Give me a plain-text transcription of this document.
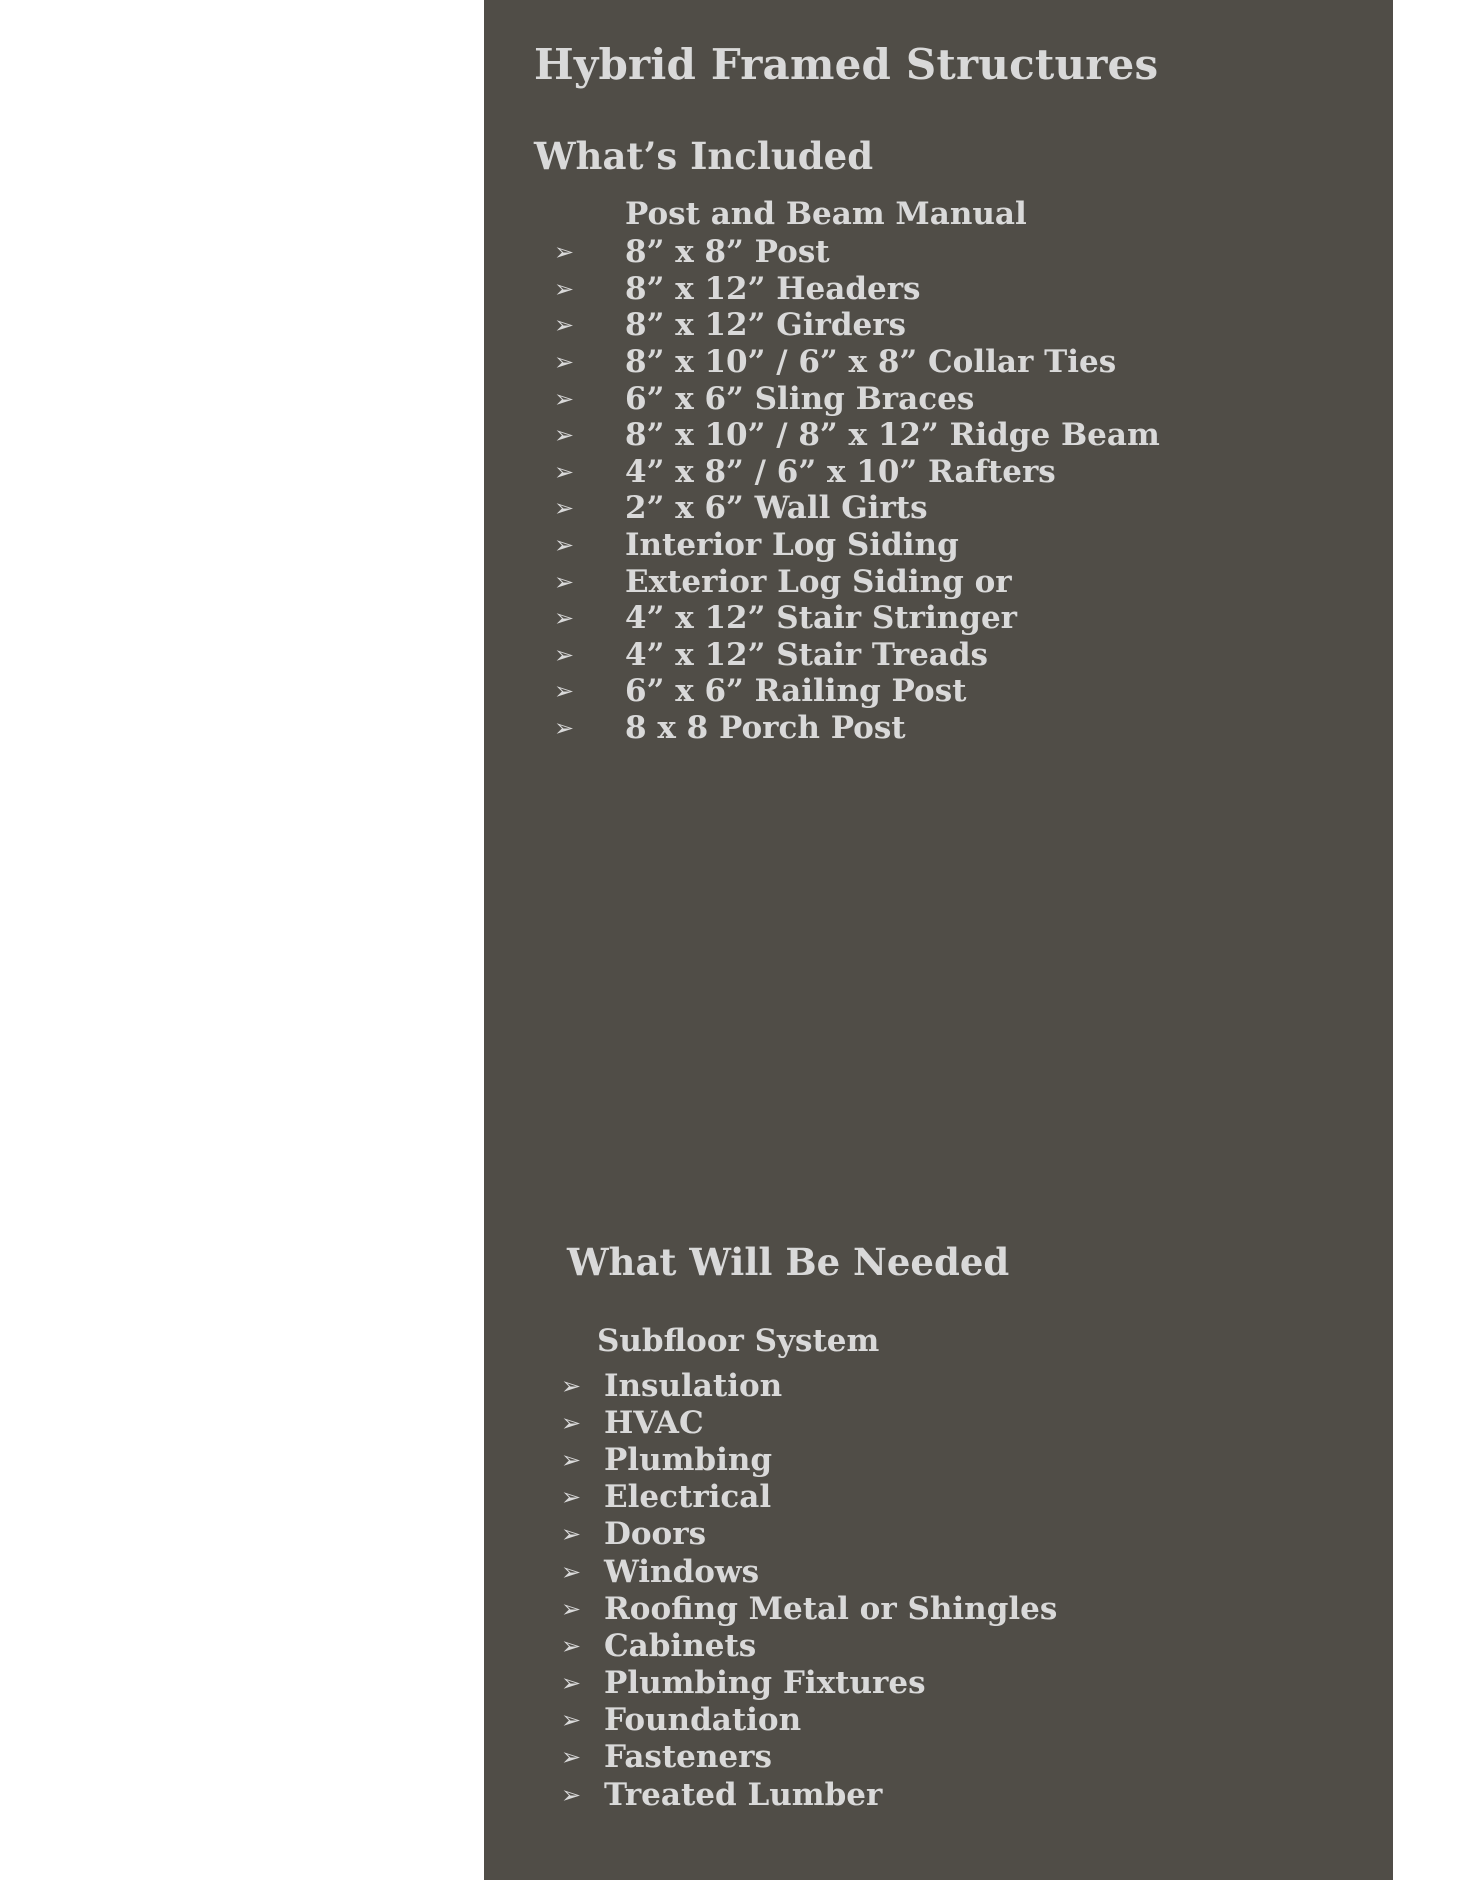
Hybrid Framed Structures
What’s Included
Post and Beam Manual
➢	8” x 8” Post
➢	8” x 12” Headers
➢	8” x 12” Girders
➢	8” x 10” / 6” x 8” Collar Ties
➢	6” x 6” Sling Braces
➢	8” x 10” / 8” x 12” Ridge Beam
➢	4” x 8” / 6” x 10” Rafters
➢	2” x 6” Wall Girts
➢	Interior Log Siding
➢	Exterior Log Siding or
➢	4” x 12” Stair Stringer
➢	4” x 12” Stair Treads
➢	6” x 6” Railing Post
➢	8 x 8 Porch Post
What Will Be Needed
Subfloor System
➢ Insulation
➢ HVAC
➢ Plumbing
➢ Electrical
➢ Doors
➢ Windows
➢ Roofing Metal or Shingles
➢ Cabinets
➢ Plumbing Fixtures
➢ Foundation
➢ Fasteners
➢ Treated Lumber
